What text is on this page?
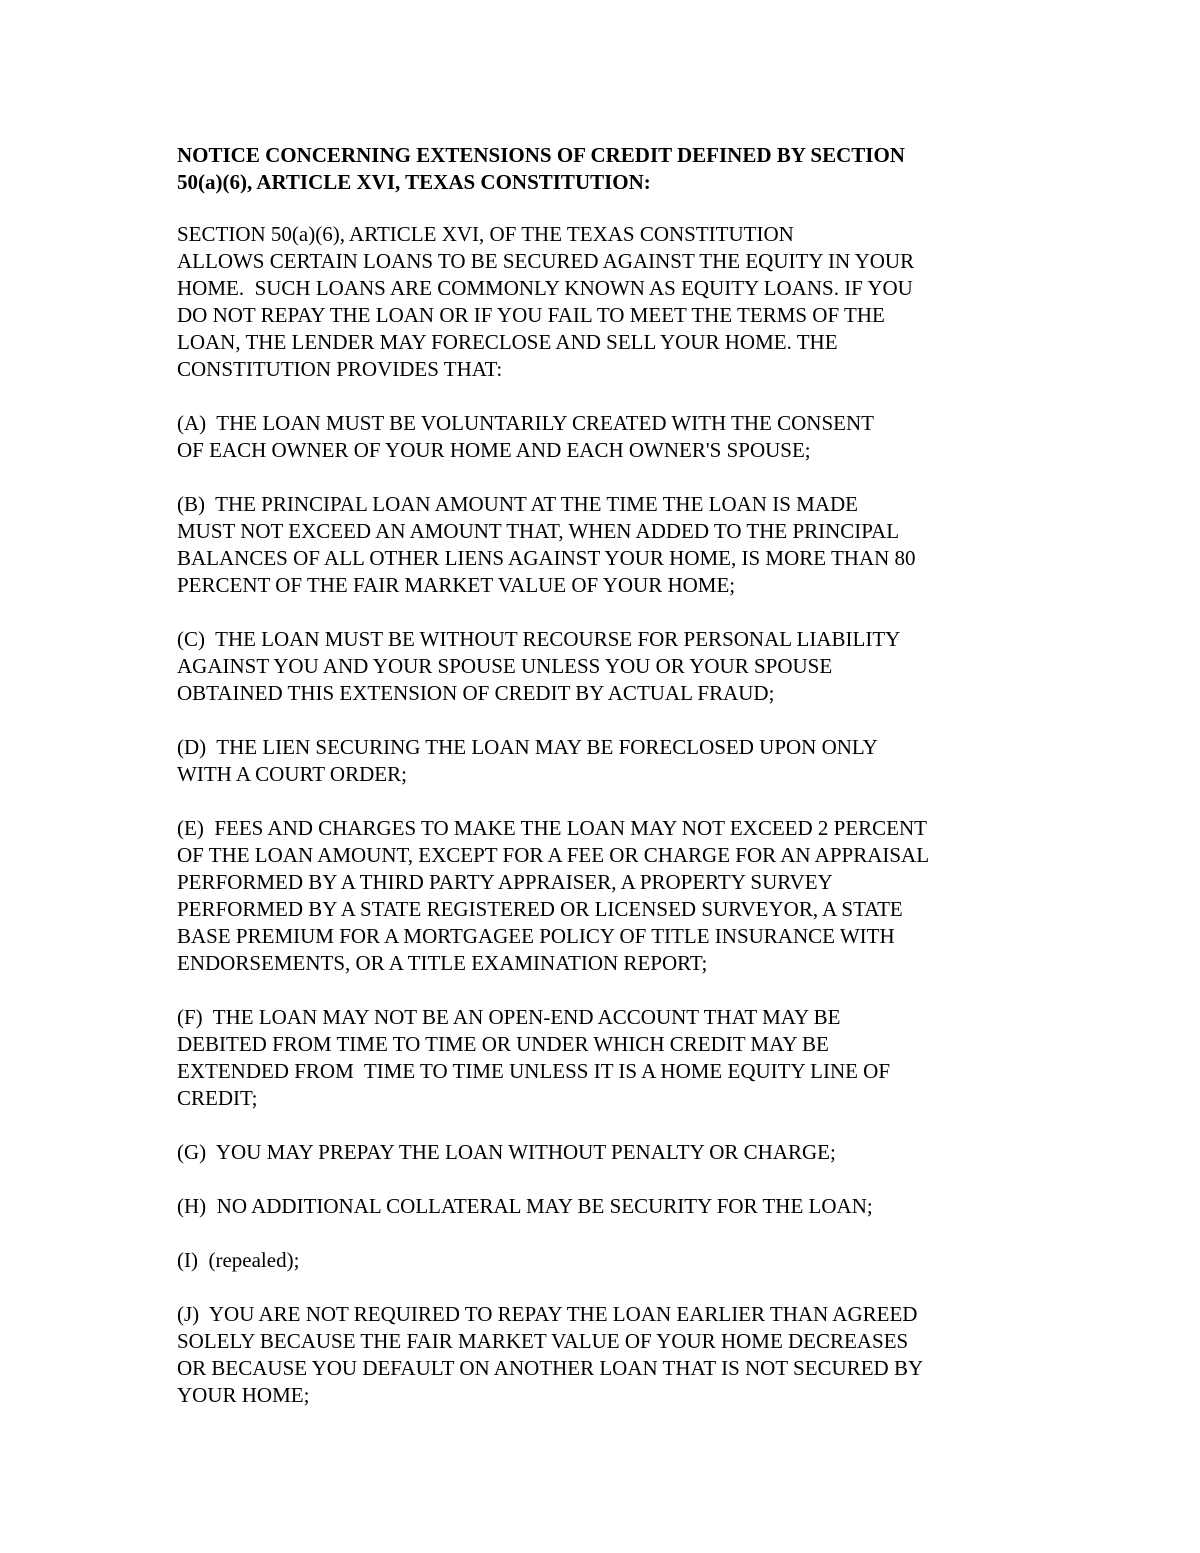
NOTICE CONCERNING EXTENSIONS OF CREDIT DEFINED BY SECTION
50(a)(6), ARTICLE XVI, TEXAS CONSTITUTION:
SECTION 50(a)(6), ARTICLE XVI, OF THE TEXAS CONSTITUTION
ALLOWS CERTAIN LOANS TO BE SECURED AGAINST THE EQUITY IN YOUR
HOME.  SUCH LOANS ARE COMMONLY KNOWN AS EQUITY LOANS. IF YOU
DO NOT REPAY THE LOAN OR IF YOU FAIL TO MEET THE TERMS OF THE
LOAN, THE LENDER MAY FORECLOSE AND SELL YOUR HOME. THE
CONSTITUTION PROVIDES THAT:
(A)  THE LOAN MUST BE VOLUNTARILY CREATED WITH THE CONSENT
OF EACH OWNER OF YOUR HOME AND EACH OWNER'S SPOUSE;
(B)  THE PRINCIPAL LOAN AMOUNT AT THE TIME THE LOAN IS MADE
MUST NOT EXCEED AN AMOUNT THAT, WHEN ADDED TO THE PRINCIPAL
BALANCES OF ALL OTHER LIENS AGAINST YOUR HOME, IS MORE THAN 80
PERCENT OF THE FAIR MARKET VALUE OF YOUR HOME;
(C)  THE LOAN MUST BE WITHOUT RECOURSE FOR PERSONAL LIABILITY
AGAINST YOU AND YOUR SPOUSE UNLESS YOU OR YOUR SPOUSE
OBTAINED THIS EXTENSION OF CREDIT BY ACTUAL FRAUD;
(D)  THE LIEN SECURING THE LOAN MAY BE FORECLOSED UPON ONLY
WITH A COURT ORDER;
(E)  FEES AND CHARGES TO MAKE THE LOAN MAY NOT EXCEED 2 PERCENT
OF THE LOAN AMOUNT, EXCEPT FOR A FEE OR CHARGE FOR AN APPRAISAL
PERFORMED BY A THIRD PARTY APPRAISER, A PROPERTY SURVEY
PERFORMED BY A STATE REGISTERED OR LICENSED SURVEYOR, A STATE
BASE PREMIUM FOR A MORTGAGEE POLICY OF TITLE INSURANCE WITH
ENDORSEMENTS, OR A TITLE EXAMINATION REPORT;
(F)  THE LOAN MAY NOT BE AN OPEN-END ACCOUNT THAT MAY BE
DEBITED FROM TIME TO TIME OR UNDER WHICH CREDIT MAY BE
EXTENDED FROM  TIME TO TIME UNLESS IT IS A HOME EQUITY LINE OF
CREDIT;
(G)  YOU MAY PREPAY THE LOAN WITHOUT PENALTY OR CHARGE;
(H)  NO ADDITIONAL COLLATERAL MAY BE SECURITY FOR THE LOAN;
(I)  (repealed);
(J)  YOU ARE NOT REQUIRED TO REPAY THE LOAN EARLIER THAN AGREED
SOLELY BECAUSE THE FAIR MARKET VALUE OF YOUR HOME DECREASES
OR BECAUSE YOU DEFAULT ON ANOTHER LOAN THAT IS NOT SECURED BY
YOUR HOME;
